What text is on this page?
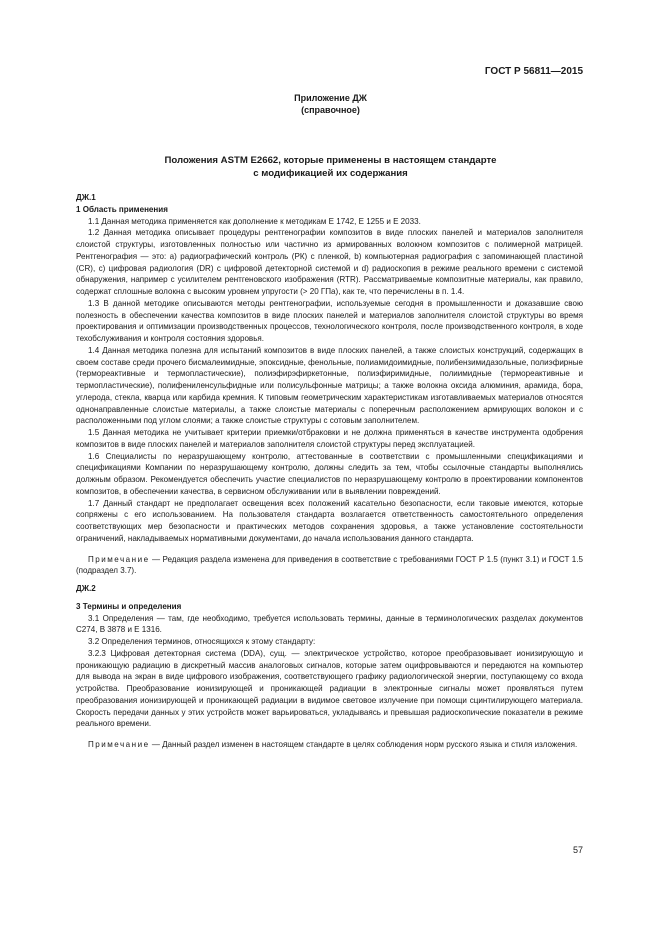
ГОСТ Р 56811—2015
Приложение ДЖ
(справочное)
Положения ASTM E2662, которые применены в настоящем стандарте
с модификацией их содержания

ДЖ.1

1 Область применения

1.1 Данная методика применяется как дополнение к методикам E 1742, E 1255 и E 2033.

1.2 Данная методика описывает процедуры рентгенографии композитов в виде плоских панелей и материалов заполнителя слоистой структуры, изготовленных полностью или частично из армированных волокном композитов с полимерной матрицей. Рентгенография — это: a) радиографический контроль (РК) с пленкой, b) компьютерная радиография с запоминающей пластиной (CR), c) цифровая радиология (DR) с цифровой детекторной системой и d) радиоскопия в режиме реального времени с системой обнаружения, например с усилителем рентгеновского изображения (RTR). Рассматриваемые композитные материалы, как правило, содержат сплошные волокна с высоким уровнем упругости (> 20 ГПа), как те, что перечислены в п. 1.4.

1.3 В данной методике описываются методы рентгенографии, используемые сегодня в промышленности и доказавшие свою полезность в обеспечении качества композитов в виде плоских панелей и материалов заполнителя слоистой структуры во время проектирования и оптимизации производственных процессов, технологического контроля, после производственного контроля, в ходе техобслуживания и контроля состояния здоровья.

1.4 Данная методика полезна для испытаний композитов в виде плоских панелей, а также слоистых конструкций, содержащих в своем составе среди прочего бисмалеимидные, эпоксидные, фенольные, полиамидоимидные, полибензимидазольные, полиэфирные (термореактивные и термопластические), полиэфирэфиркетонные, полиэфиримидные, полиимидные (термореактивные и термопластические), полифениленсульфидные или полисульфонные матрицы; а также волокна оксида алюминия, арамида, бора, углерода, стекла, кварца или карбида кремния. К типовым геометрическим характеристикам изготавливаемых материалов относятся однонаправленные слоистые материалы, а также слоистые материалы с поперечным расположением армирующих волокон и с расположенными под углом слоями; а также слоистые структуры с сотовым заполнителем.

1.5 Данная методика не учитывает критерии приемки/отбраковки и не должна применяться в качестве инструмента одобрения композитов в виде плоских панелей и материалов заполнителя слоистой структуры перед эксплуатацией.

1.6 Специалисты по неразрушающему контролю, аттестованные в соответствии с промышленными спецификациями и спецификациями Компании по неразрушающему контролю, должны следить за тем, чтобы ссылочные стандарты выполнялись должным образом. Рекомендуется обеспечить участие специалистов по неразрушающему контролю в проектировании компонентов композитов, в обеспечении качества, в сервисном обслуживании или в выявлении повреждений.

1.7 Данный стандарт не предполагает освещения всех положений касательно безопасности, если таковые имеются, которые сопряжены с его использованием. На пользователя стандарта возлагается ответственность самостоятельного определения соответствующих мер безопасности и практических методов сохранения здоровья, а также установление состоятельности ограничений, накладываемых нормативными документами, до начала использования данного стандарта.

Примечание — Редакция раздела изменена для приведения в соответствие с требованиями ГОСТ Р 1.5 (пункт 3.1) и ГОСТ 1.5 (подраздел 3.7).

ДЖ.2

3 Термины и определения

3.1 Определения — там, где необходимо, требуется использовать термины, данные в терминологических разделах документов С274, В 3878 и Е 1316.

3.2 Определения терминов, относящихся к этому стандарту:

3.2.3 Цифровая детекторная система (DDA), сущ. — электрическое устройство, которое преобразовывает ионизирующую и проникающую радиацию в дискретный массив аналоговых сигналов, которые затем оцифровываются и передаются на компьютер для вывода на экран в виде цифрового изображения, соответствующего графику радиологической энергии, поступающему со входа устройства. Преобразование ионизирующей и проникающей радиации в электронные сигналы может проявляться путем преобразования ионизирующей и проникающей радиации в видимое световое излучение при помощи сцинтилирующего материала. Скорость передачи данных у этих устройств может варьироваться, укладываясь и превышая радиоскопические показатели в режиме реального времени.

Примечание — Данный раздел изменен в настоящем стандарте в целях соблюдения норм русского языка и стиля изложения.

57
